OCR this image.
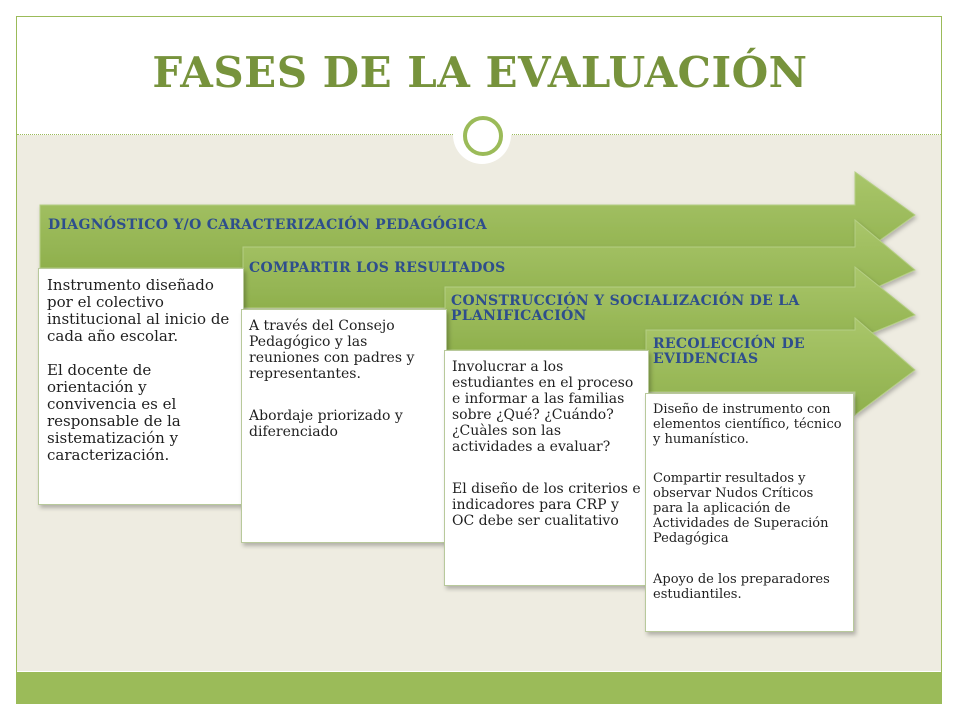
FASES DE LA EVALUACIÓN
DIAGNÓSTICO Y/O CARACTERIZACIÓN PEDAGÓGICA

Instrumento diseñado por el colectivo institucional al inicio de cada año escolar.

El docente de orientación y convivencia es el responsable de la sistematización y caracterización.

COMPARTIR LOS RESULTADOS

A través del Consejo Pedagógico y las reuniones con padres y representantes.

Abordaje priorizado y diferenciado

CONSTRUCCIÓN Y SOCIALIZACIÓN DE LA PLANIFICACIÓN

Involucrar a los estudiantes en el proceso e informar a las familias sobre ¿Qué? ¿Cuándo? ¿Cuàles son las actividades a evaluar?

El diseño de los criterios e indicadores para CRP y OC debe ser cualitativo

RECOLECCIÓN DE EVIDENCIAS

Diseño de instrumento con elementos científico, técnico y humanístico.

Compartir resultados y observar Nudos Críticos para la aplicación de Actividades de Superación Pedagógica

Apoyo de los preparadores estudiantiles.
